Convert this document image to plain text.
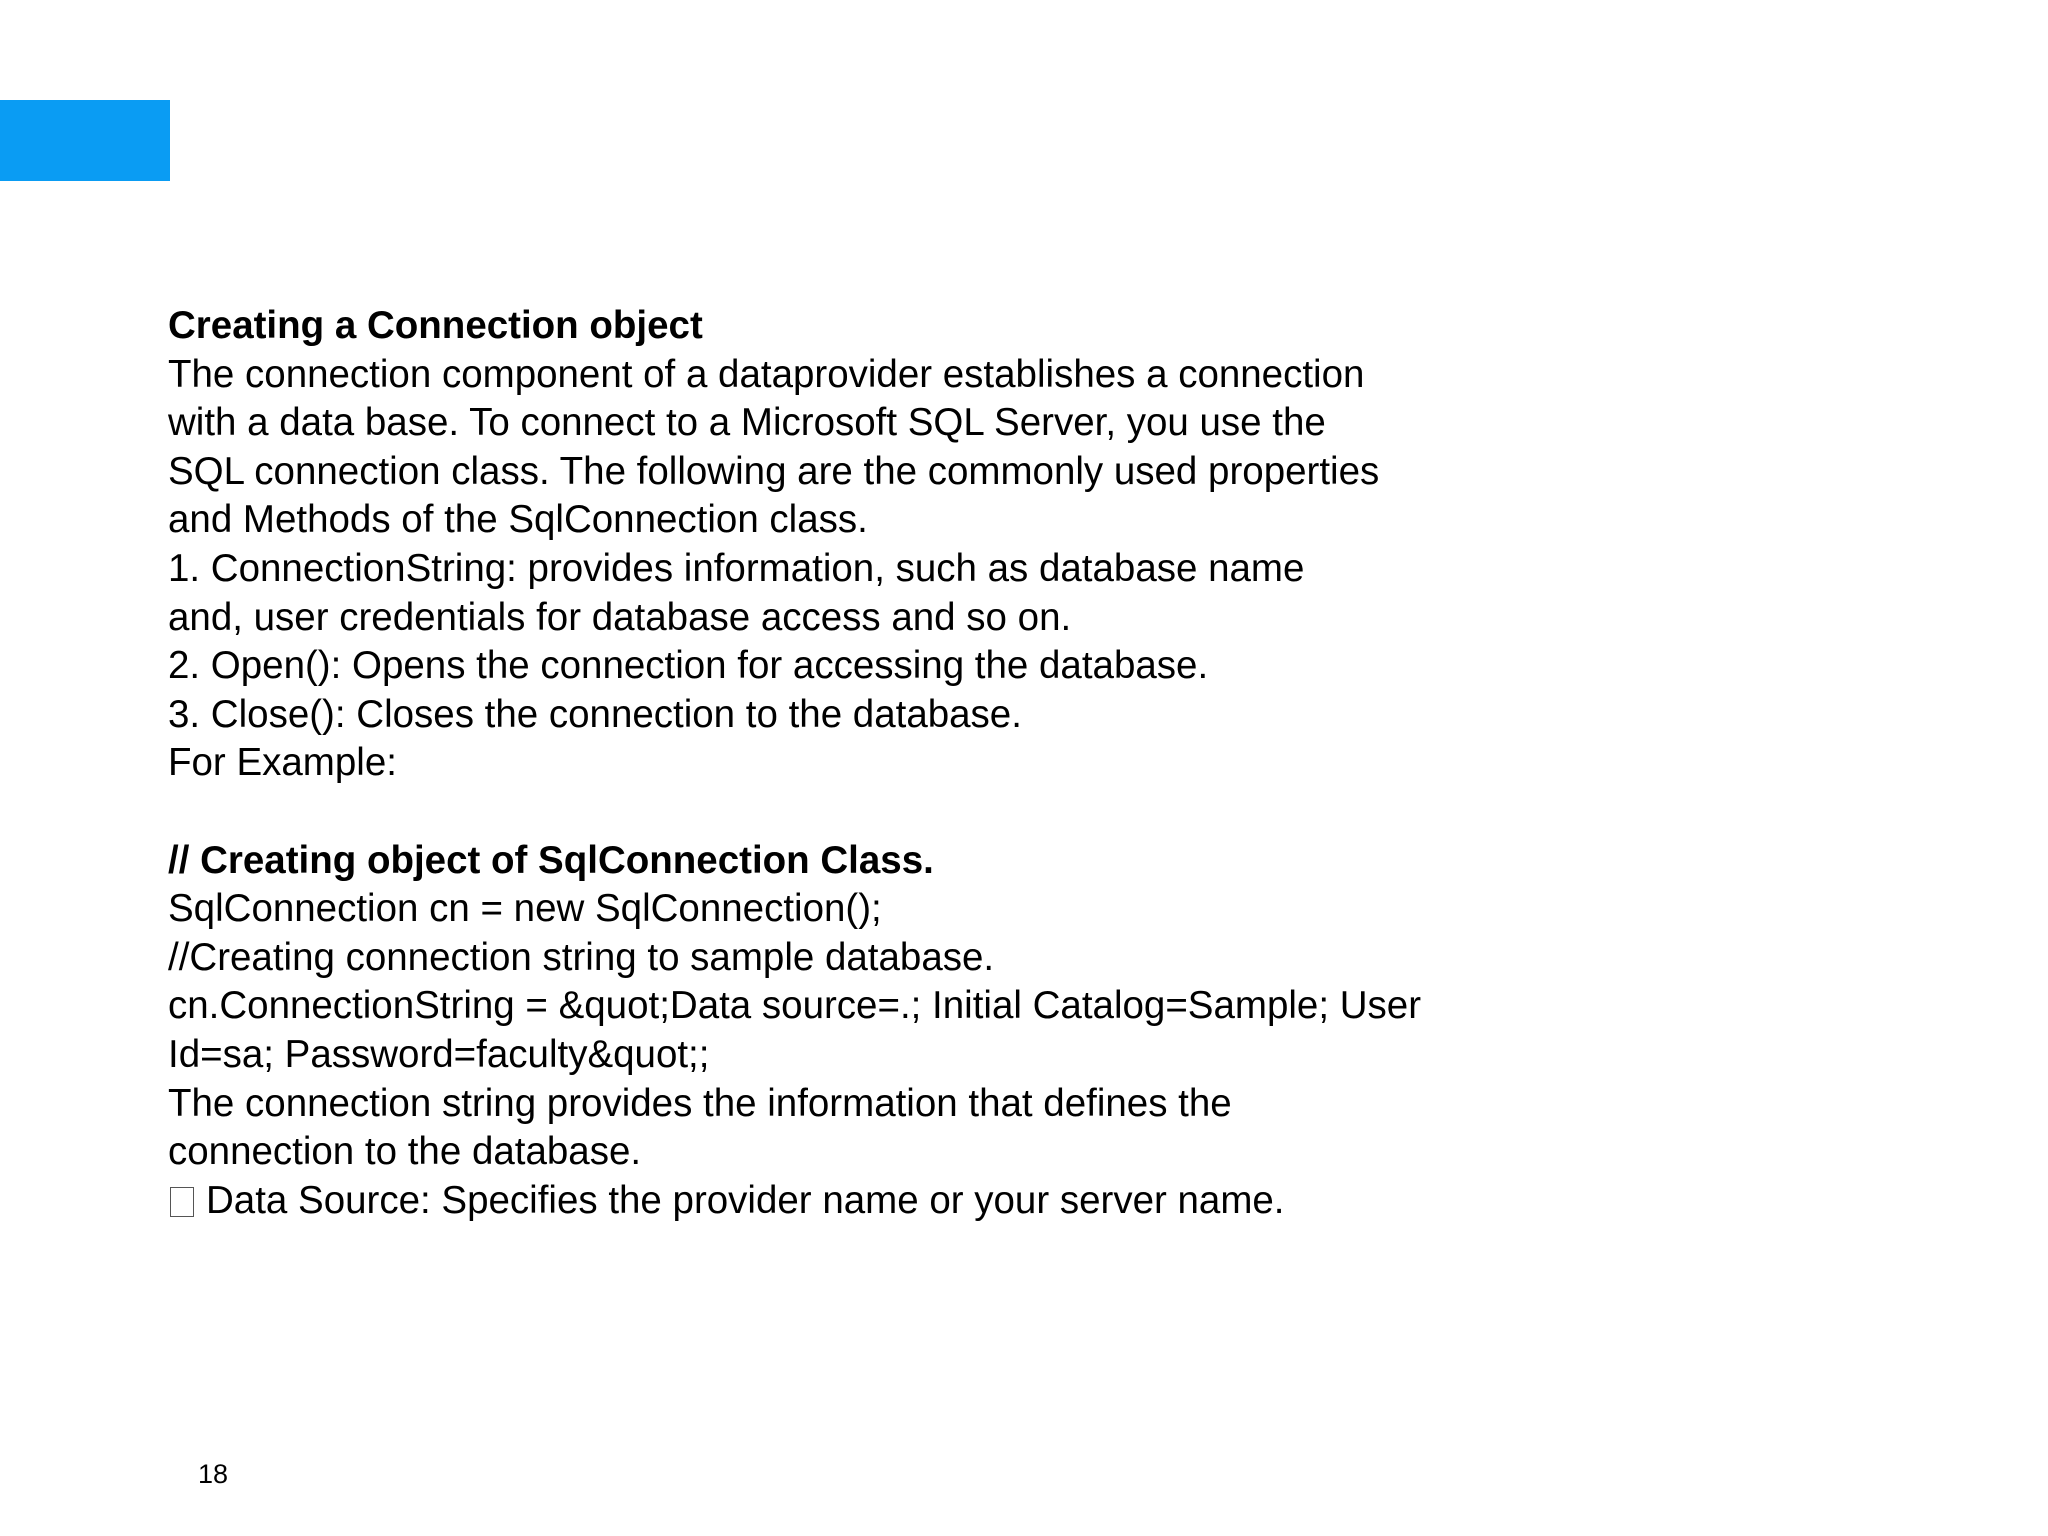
Creating a Connection object
The connection component of a dataprovider establishes a connection
with a data base. To connect to a Microsoft SQL Server, you use the
SQL connection class. The following are the commonly used properties
and Methods of the SqlConnection class.
1. ConnectionString: provides information, such as database name
and, user credentials for database access and so on.
2. Open(): Opens the connection for accessing the database.
3. Close(): Closes the connection to the database.
For Example:
// Creating object of SqlConnection Class.
SqlConnection cn = new SqlConnection();
//Creating connection string to sample database.
cn.ConnectionString = &quot;Data source=.; Initial Catalog=Sample; User
Id=sa; Password=faculty&quot;;
The connection string provides the information that defines the
connection to the database.
Data Source: Specifies the provider name or your server name.
18
